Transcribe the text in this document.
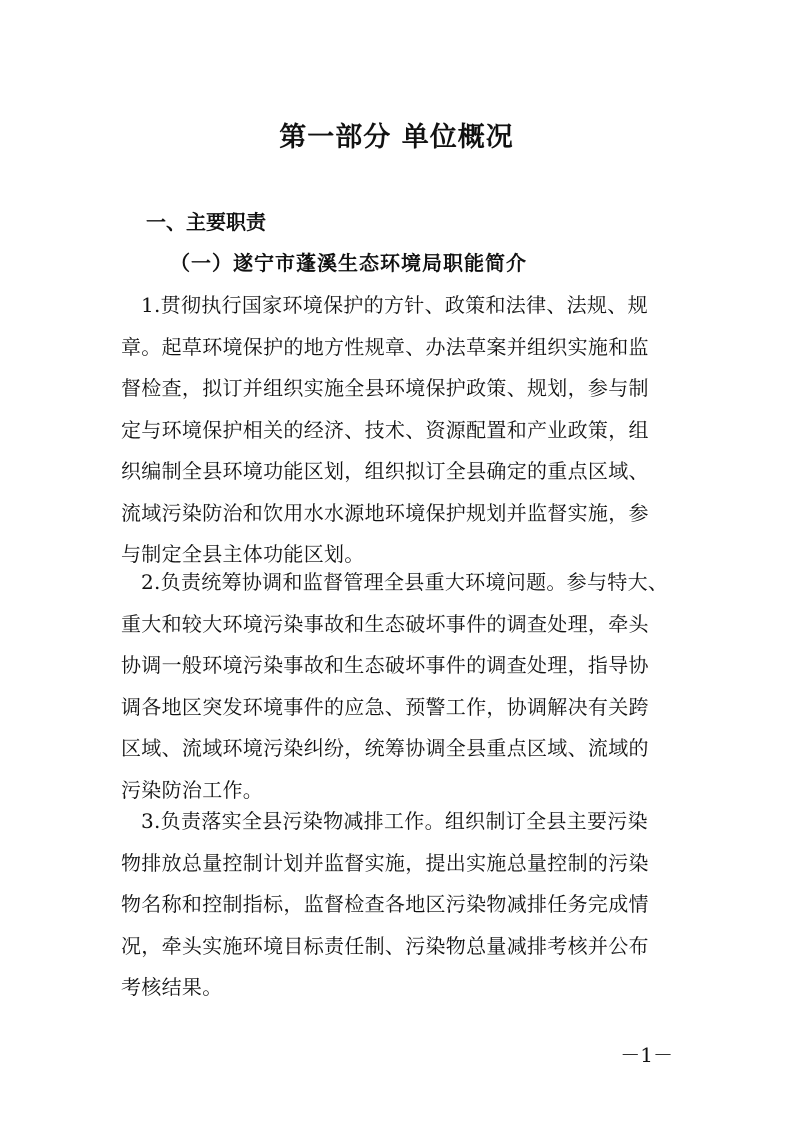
第一部分 单位概况
一、主要职责
（一）遂宁市蓬溪生态环境局职能简介
1.贯彻执行国家环境保护的方针、政策和法律、法规、规
章。起草环境保护的地方性规章、办法草案并组织实施和监
督检查，拟订并组织实施全县环境保护政策、规划，参与制
定与环境保护相关的经济、技术、资源配置和产业政策，组
织编制全县环境功能区划，组织拟订全县确定的重点区域、
流域污染防治和饮用水水源地环境保护规划并监督实施，参
与制定全县主体功能区划。
2.负责统筹协调和监督管理全县重大环境问题。参与特大、
重大和较大环境污染事故和生态破坏事件的调查处理，牵头
协调一般环境污染事故和生态破坏事件的调查处理，指导协
调各地区突发环境事件的应急、预警工作，协调解决有关跨
区域、流域环境污染纠纷，统筹协调全县重点区域、流域的
污染防治工作。
3.负责落实全县污染物减排工作。组织制订全县主要污染
物排放总量控制计划并监督实施，提出实施总量控制的污染
物名称和控制指标，监督检查各地区污染物减排任务完成情
况，牵头实施环境目标责任制、污染物总量减排考核并公布
考核结果。
－1－
